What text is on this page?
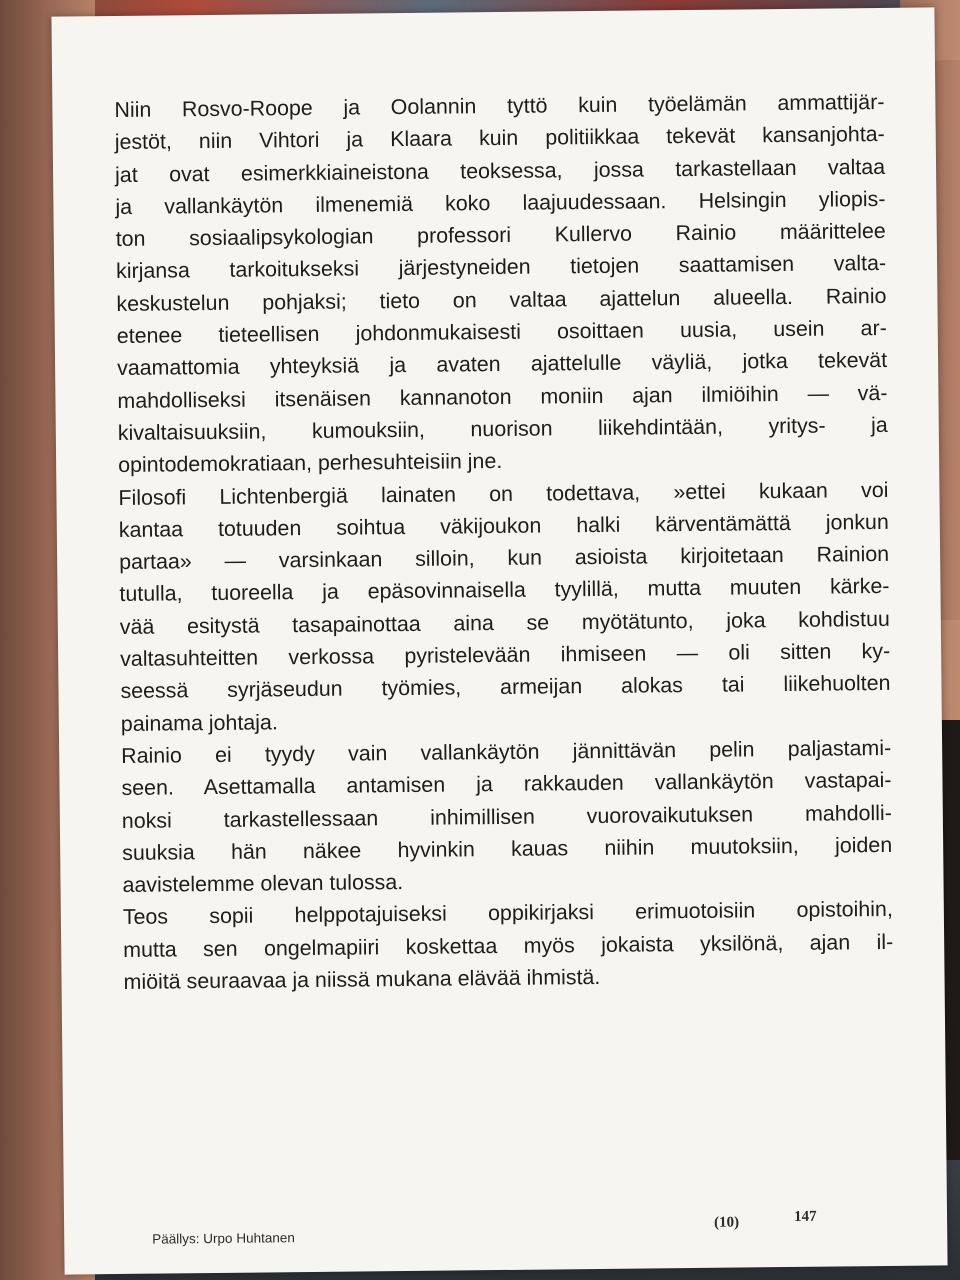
Niin Rosvo-Roope ja Oolannin tyttö kuin työelämän ammattijär-
jestöt, niin Vihtori ja Klaara kuin politiikkaa tekevät kansanjohta-
jat ovat esimerkkiaineistona teoksessa, jossa tarkastellaan valtaa
ja vallankäytön ilmenemiä koko laajuudessaan. Helsingin yliopis-
ton sosiaalipsykologian professori Kullervo Rainio määrittelee
kirjansa tarkoitukseksi järjestyneiden tietojen saattamisen valta-
keskustelun pohjaksi; tieto on valtaa ajattelun alueella. Rainio
etenee tieteellisen johdonmukaisesti osoittaen uusia, usein ar-
vaamattomia yhteyksiä ja avaten ajattelulle väyliä, jotka tekevät
mahdolliseksi itsenäisen kannanoton moniin ajan ilmiöihin — vä-
kivaltaisuuksiin, kumouksiin, nuorison liikehdintään, yritys- ja
opintodemokratiaan, perhesuhteisiin jne.
Filosofi Lichtenbergiä lainaten on todettava, »ettei kukaan voi
kantaa totuuden soihtua väkijoukon halki kärventämättä jonkun
partaa» — varsinkaan silloin, kun asioista kirjoitetaan Rainion
tutulla, tuoreella ja epäsovinnaisella tyylillä, mutta muuten kärke-
vää esitystä tasapainottaa aina se myötätunto, joka kohdistuu
valtasuhteitten verkossa pyristelevään ihmiseen — oli sitten ky-
seessä syrjäseudun työmies, armeijan alokas tai liikehuolten
painama johtaja.
Rainio ei tyydy vain vallankäytön jännittävän pelin paljastami-
seen. Asettamalla antamisen ja rakkauden vallankäytön vastapai-
noksi tarkastellessaan inhimillisen vuorovaikutuksen mahdolli-
suuksia hän näkee hyvinkin kauas niihin muutoksiin, joiden
aavistelemme olevan tulossa.
Teos sopii helppotajuiseksi oppikirjaksi erimuotoisiin opistoihin,
mutta sen ongelmapiiri koskettaa myös jokaista yksilönä, ajan il-
miöitä seuraavaa ja niissä mukana elävää ihmistä.
Päällys: Urpo Huhtanen
(10)	147
